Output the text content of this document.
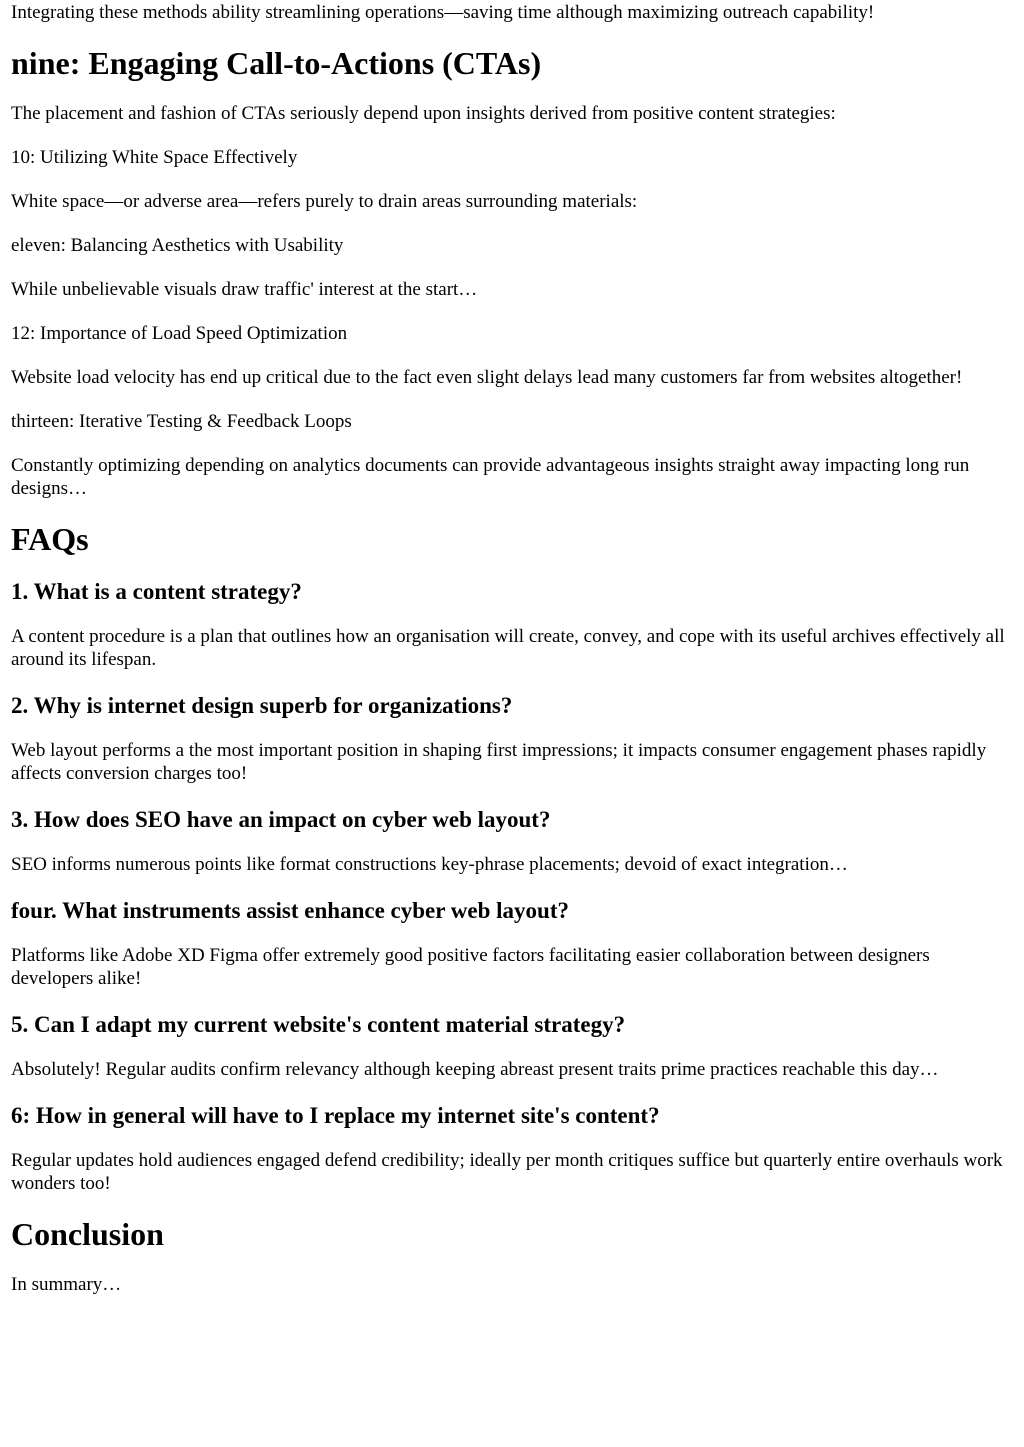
Integrating these methods ability streamlining operations—saving time although maximizing outreach capability!

nine: Engaging Call-to-Actions (CTAs)

The placement and fashion of CTAs seriously depend upon insights derived from positive content strategies:

10: Utilizing White Space Effectively

White space—or adverse area—refers purely to drain areas surrounding materials:

eleven: Balancing Aesthetics with Usability

While unbelievable visuals draw traffic' interest at the start…

12: Importance of Load Speed Optimization

Website load velocity has end up critical due to the fact even slight delays lead many customers far from websites altogether!

thirteen: Iterative Testing & Feedback Loops

Constantly optimizing depending on analytics documents can provide advantageous insights straight away impacting long run designs…

FAQs
1. What is a content strategy?

A content procedure is a plan that outlines how an organisation will create, convey, and cope with its useful archives effectively all around its lifespan.

2. Why is internet design superb for organizations?

Web layout performs a the most important position in shaping first impressions; it impacts consumer engagement phases rapidly affects conversion charges too!

3. How does SEO have an impact on cyber web layout?

SEO informs numerous points like format constructions key-phrase placements; devoid of exact integration…

four. What instruments assist enhance cyber web layout?

Platforms like Adobe XD Figma offer extremely good positive factors facilitating easier collaboration between designers developers alike!

5. Can I adapt my current website's content material strategy?

Absolutely! Regular audits confirm relevancy although keeping abreast present traits prime practices reachable this day…

6: How in general will have to I replace my internet site's content?

Regular updates hold audiences engaged defend credibility; ideally per month critiques suffice but quarterly entire overhauls work wonders too!

Conclusion

In summary…
